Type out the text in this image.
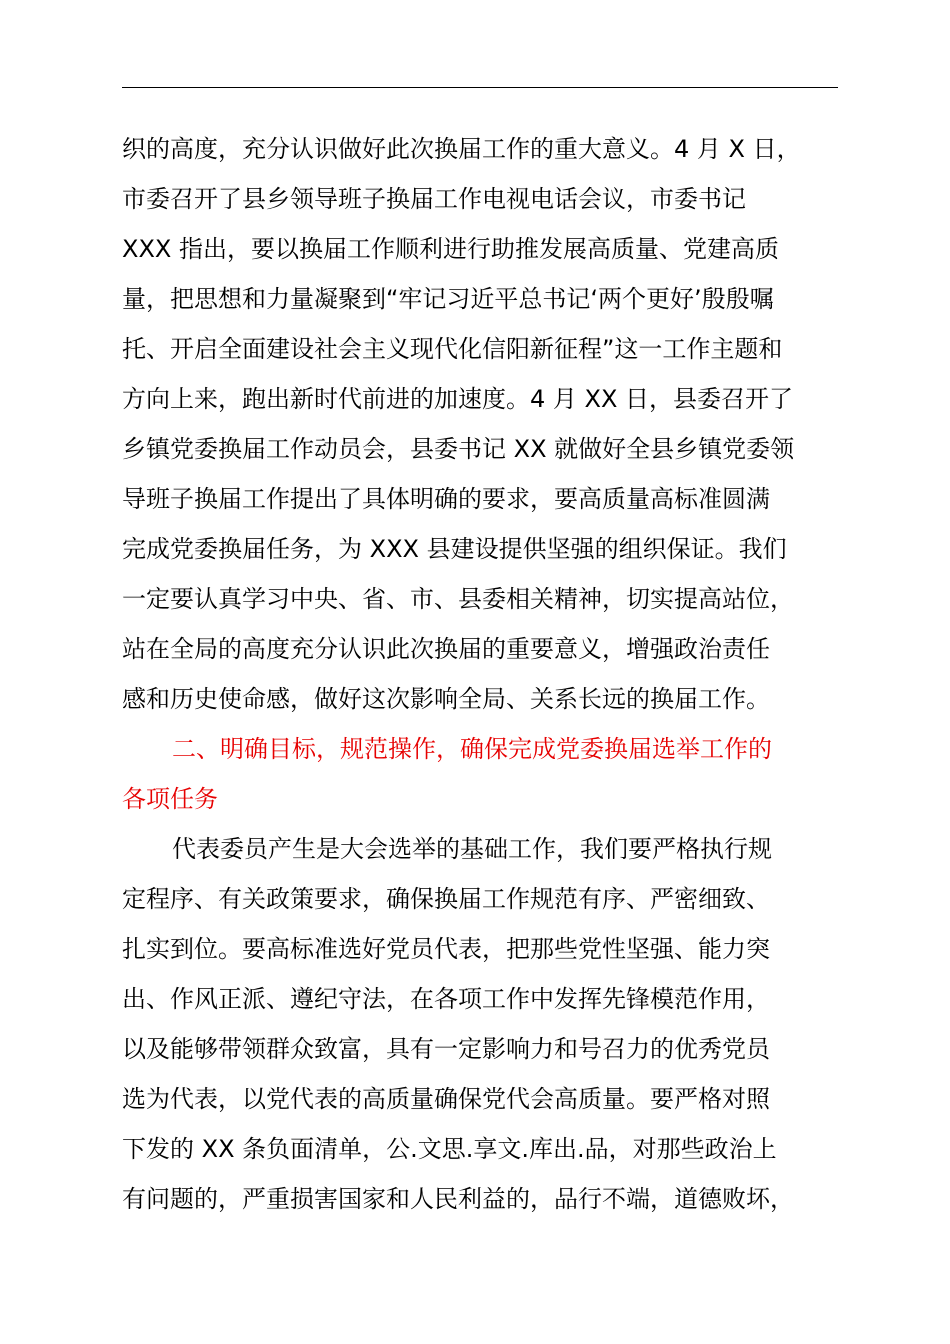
织的高度，充分认识做好此次换届工作的重大意义。4 月 X 日，
市委召开了县乡领导班子换届工作电视电话会议，市委书记
XXX 指出，要以换届工作顺利进行助推发展高质量、党建高质
量，把思想和力量凝聚到“牢记习近平总书记‘两个更好’殷殷嘱
托、开启全面建设社会主义现代化信阳新征程”这一工作主题和
方向上来，跑出新时代前进的加速度。4 月 XX 日，县委召开了
乡镇党委换届工作动员会，县委书记 XX 就做好全县乡镇党委领
导班子换届工作提出了具体明确的要求，要高质量高标准圆满
完成党委换届任务，为 XXX 县建设提供坚强的组织保证。我们
一定要认真学习中央、省、市、县委相关精神，切实提高站位，
站在全局的高度充分认识此次换届的重要意义，增强政治责任
感和历史使命感，做好这次影响全局、关系长远的换届工作。
二、明确目标，规范操作，确保完成党委换届选举工作的
各项任务
代表委员产生是大会选举的基础工作，我们要严格执行规
定程序、有关政策要求，确保换届工作规范有序、严密细致、
扎实到位。要高标准选好党员代表，把那些党性坚强、能力突
出、作风正派、遵纪守法，在各项工作中发挥先锋模范作用，
以及能够带领群众致富，具有一定影响力和号召力的优秀党员
选为代表，以党代表的高质量确保党代会高质量。要严格对照
下发的 XX 条负面清单，公.文思.享文.库出.品，对那些政治上
有问题的，严重损害国家和人民利益的，品行不端，道德败坏，
